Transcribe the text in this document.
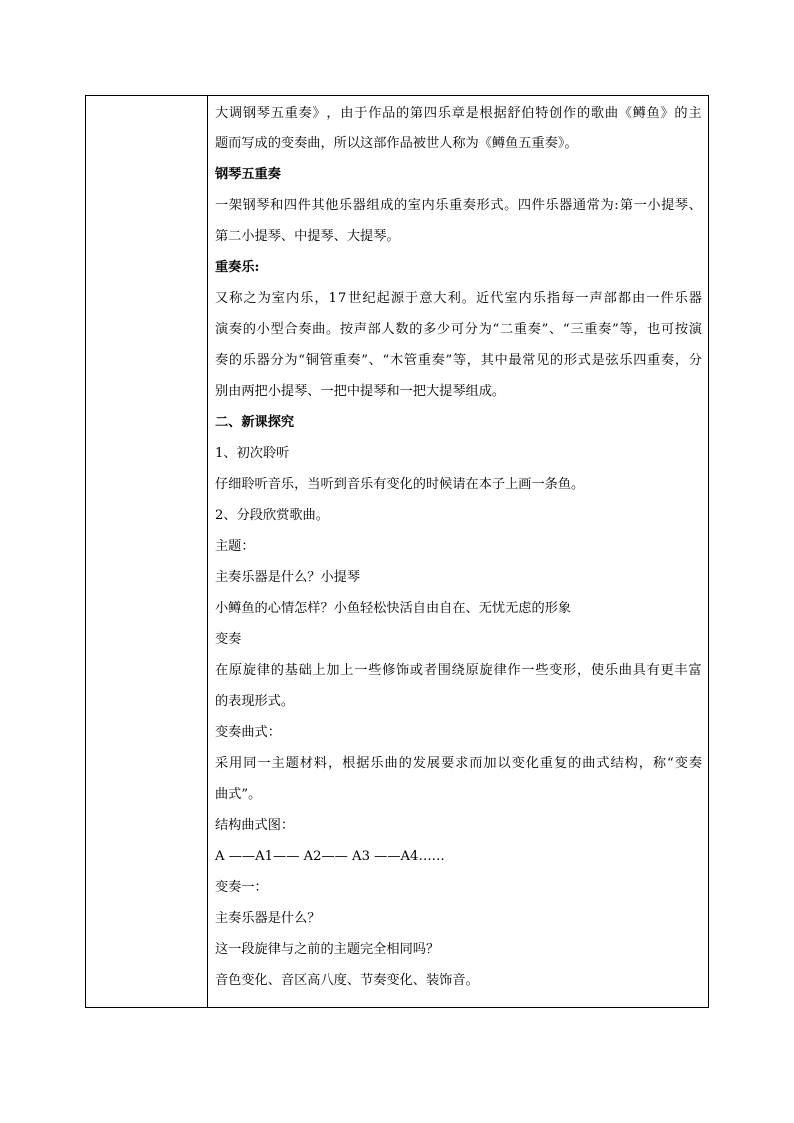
大 调 钢 琴 五 重 奏 》 ， 由 于 作 品 的 第 四 乐 章 是 根 据 舒 伯 特 创 作 的 歌 曲 《 鳟 鱼 》 的 主
题而写成的变奏曲，所以这部作品被世人称为《鳟鱼五重奏》。
钢琴五重奏
一 架 钢 琴 和 四 件 其 他 乐 器 组 成 的 室 内 乐 重 奏 形 式 。 四 件 乐 器 通 常 为 : 第 一 小 提 琴 、
第二小提琴、中提琴、大提琴。
重奏乐:
又 称 之 为 室 内 乐 ， 1 7 世 纪 起 源 于 意 大 利 。 近 代 室 内 乐 指 每 一 声 部 都 由 一 件 乐 器
演 奏 的 小 型 合 奏 曲 。 按 声 部 人 数 的 多 少 可 分 为 “ 二 重 奏 ” 、 “ 三 重 奏 ” 等 ， 也 可 按 演
奏 的 乐 器 分 为 “ 铜 管 重 奏 ” 、 “ 木 管 重 奏 ” 等 ， 其 中 最 常 见 的 形 式 是 弦 乐 四 重 奏 ， 分
别由两把小提琴、一把中提琴和一把大提琴组成。
二、新课探究
1、初次聆听
仔细聆听音乐，当听到音乐有变化的时候请在本子上画一条鱼。
2、分段欣赏歌曲。
主题：
主奏乐器是什么？小提琴
小鳟鱼的心情怎样？小鱼轻松快活自由自在、无忧无虑的形象
变奏
在 原 旋 律 的 基 础 上 加 上 一 些 修 饰 或 者 围 绕 原 旋 律 作 一 些 变 形 ， 使 乐 曲 具 有 更 丰 富
的表现形式。
变奏曲式：
采 用 同 一 主 题 材 料 ， 根 据 乐 曲 的 发 展 要 求 而 加 以 变 化 重 复 的 曲 式 结 构 ， 称 “ 变 奏
曲式”。
结构曲式图：
A ——A1—— A2—— A3 ——A4……
变奏一：
主奏乐器是什么？
这一段旋律与之前的主题完全相同吗？
音色变化、音区高八度、节奏变化、装饰音。
